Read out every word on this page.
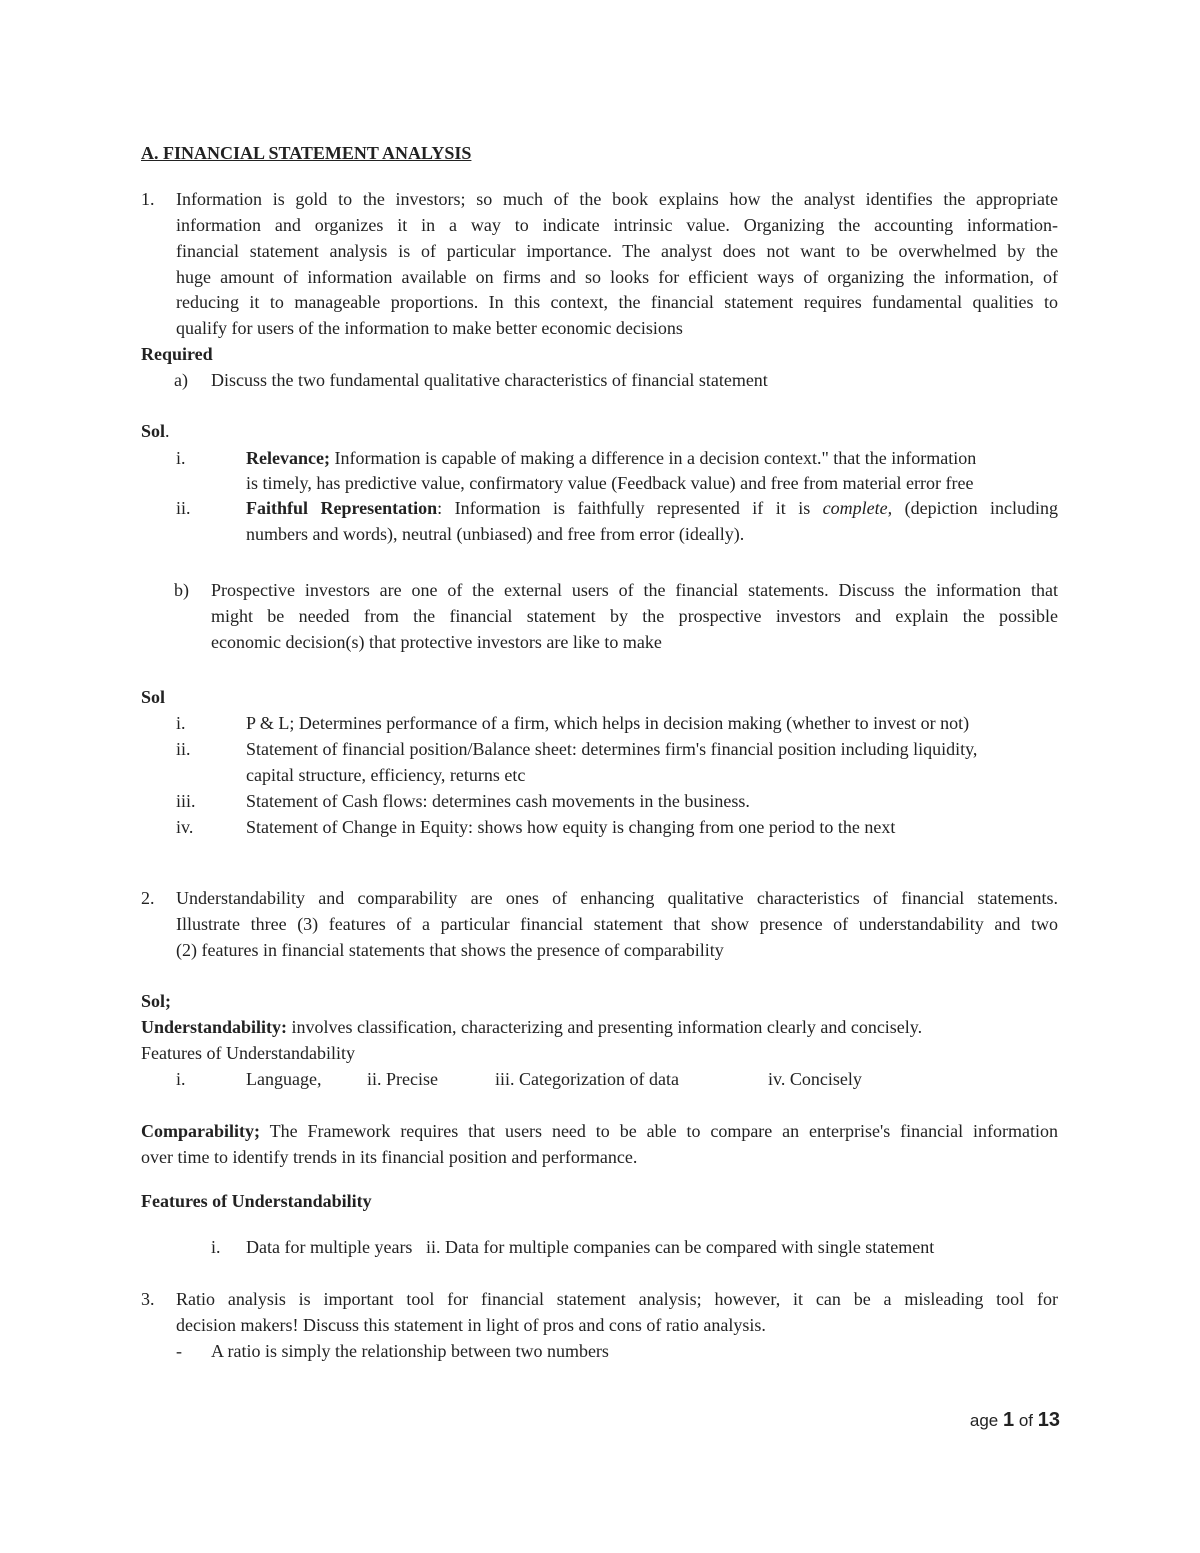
A. FINANCIAL STATEMENT ANALYSIS
1. Information is gold to the investors; so much of the book explains how the analyst identifies the appropriate
information and organizes it in a way to indicate intrinsic value. Organizing the accounting information-
financial statement analysis is of particular importance. The analyst does not want to be overwhelmed by the
huge amount of information available on firms and so looks for efficient ways of organizing the information, of
reducing it to manageable proportions. In this context, the financial statement requires fundamental qualities to
qualify for users of the information to make better economic decisions
Required
a) Discuss the two fundamental qualitative characteristics of financial statement
Sol.
i.	Relevance; Information is capable of making a difference in a decision context." that the information
is timely, has predictive value, confirmatory value (Feedback value) and free from material error free
ii.	Faithful Representation: Information is faithfully represented if it is complete, (depiction including
numbers and words), neutral (unbiased) and free from error (ideally).
b) Prospective investors are one of the external users of the financial statements. Discuss the information that
might be needed from the financial statement by the prospective investors and explain the possible
economic decision(s) that protective investors are like to make
Sol
i.	P & L; Determines performance of a firm, which helps in decision making (whether to invest or not)
ii.	Statement of financial position/Balance sheet: determines firm's financial position including liquidity,
capital structure, efficiency, returns etc
iii.	Statement of Cash flows: determines cash movements in the business.
iv.	Statement of Change in Equity: shows how equity is changing from one period to the next
2. Understandability and comparability are ones of enhancing qualitative characteristics of financial statements.
Illustrate three (3) features of a particular financial statement that show presence of understandability and two
(2) features in financial statements that shows the presence of comparability
Sol;
Understandability: involves classification, characterizing and presenting information clearly and concisely.
Features of Understandability
i.	Language,	ii. Precise	iii. Categorization of data	iv. Concisely
Comparability; The Framework requires that users need to be able to compare an enterprise's financial information
over time to identify trends in its financial position and performance.
Features of Understandability
i. Data for multiple years   ii. Data for multiple companies can be compared with single statement
3. Ratio analysis is important tool for financial statement analysis; however, it can be a misleading tool for
decision makers! Discuss this statement in light of pros and cons of ratio analysis.
- A ratio is simply the relationship between two numbers
age 1 of 13
